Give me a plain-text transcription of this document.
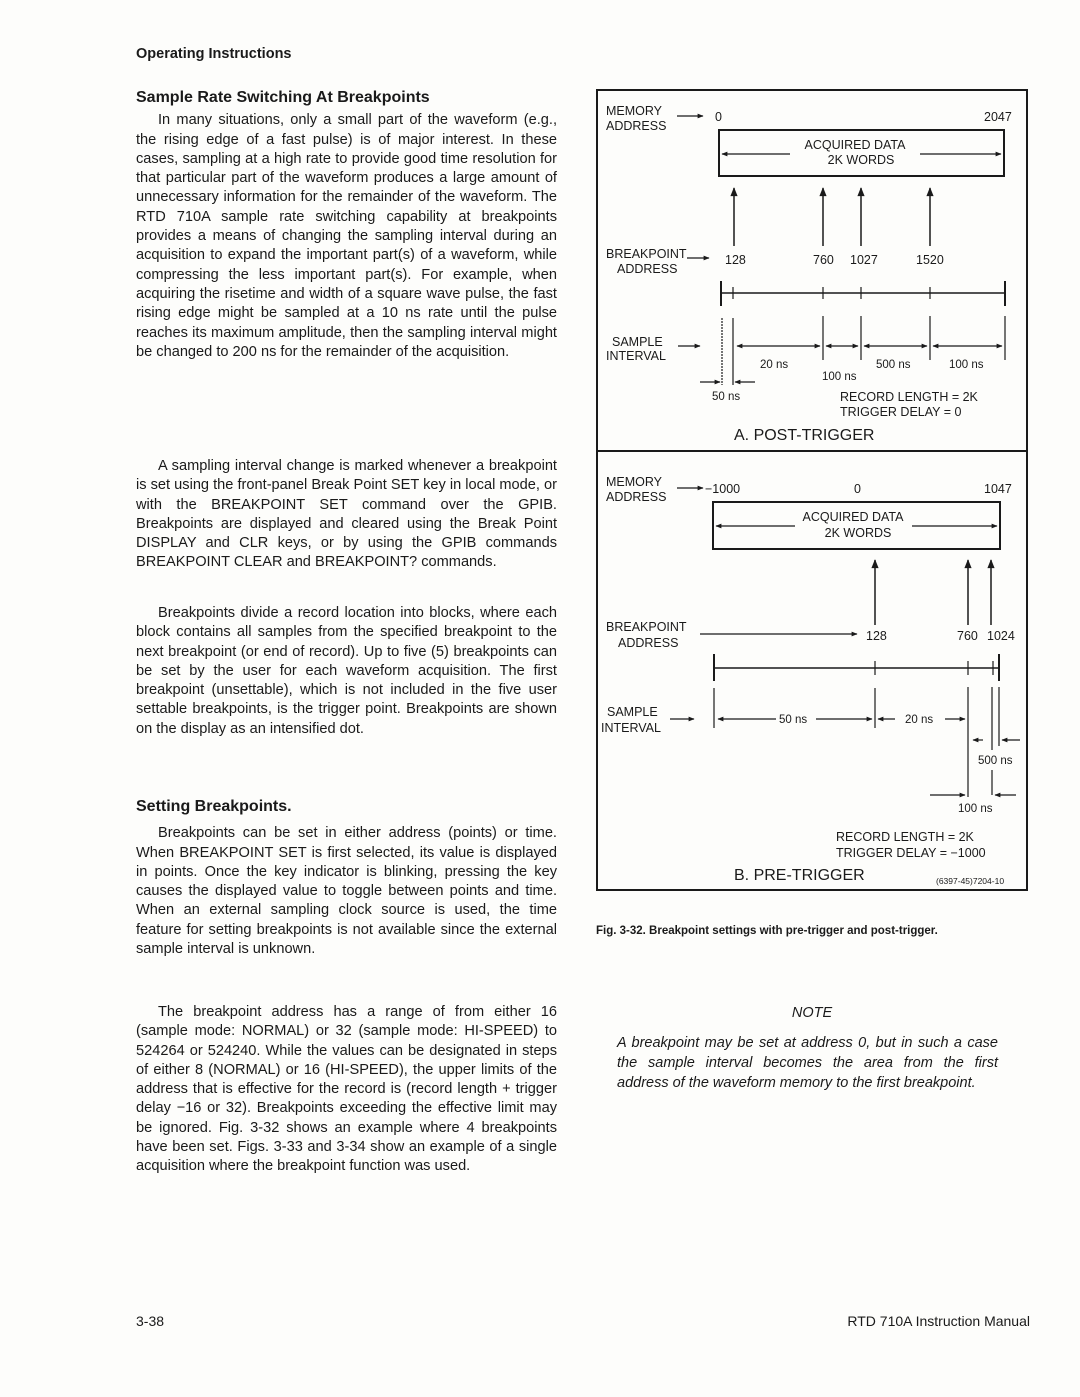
Operating Instructions
Sample Rate Switching At Breakpoints

In many situations, only a small part of the waveform (e.g., the rising edge of a fast pulse) is of major interest. In these cases, sampling at a high rate to provide good time resolution for that particular part of the waveform produces a large amount of unnecessary information for the remainder of the waveform. The RTD 710A sample rate switching capability at breakpoints provides a means of changing the sampling interval during an acquisition to expand the important part(s) of a waveform, while compressing the less important part(s). For example, when acquiring the risetime and width of a square wave pulse, the fast rising edge might be sampled at a 10 ns rate until the pulse reaches its maximum amplitude, then the sampling interval might be changed to 200 ns for the remainder of the acquisition.

A sampling interval change is marked whenever a breakpoint is set using the front-panel Break Point SET key in local mode, or with the BREAKPOINT SET command over the GPIB. Breakpoints are displayed and cleared using the Break Point DISPLAY and CLR keys, or by using the GPIB commands BREAKPOINT CLEAR and BREAKPOINT? commands.

Breakpoints divide a record location into blocks, where each block contains all samples from the specified breakpoint to the next breakpoint (or end of record). Up to five (5) breakpoints can be set by the user for each waveform acquisition. The first breakpoint (unsettable), which is not included in the five user settable breakpoints, is the trigger point. Breakpoints are shown on the display as an intensified dot.

Setting Breakpoints.

Breakpoints can be set in either address (points) or time. When BREAKPOINT SET is first selected, its value is displayed in points. Once the key indicator is blinking, pressing the key causes the displayed value to toggle between points and time. When an external sampling clock source is used, the time feature for setting breakpoints is not available since the external sample interval is unknown.

The breakpoint address has a range of from either 16 (sample mode: NORMAL) or 32 (sample mode: HI-SPEED) to 524264 or 524240. While the values can be designated in steps of either 8 (NORMAL) or 16 (HI-SPEED), the upper limits of the address that is effective for the record is (record length + trigger delay −16 or 32). Breakpoints exceeding the effective limit may be ignored. Fig. 3-32 shows an example where 4 breakpoints have been set. Figs. 3-33 and 3-34 show an example of a single acquisition where the breakpoint function was used.

MEMORY
ADDRESS
0	2047
ACQUIRED DATA
2K WORDS
BREAKPOINT
ADDRESS
128	760 1027	1520
SAMPLE
INTERVAL
50 ns
20 ns
100 ns
500 ns	100 ns
RECORD LENGTH = 2K
TRIGGER DELAY = 0
A. POST-TRIGGER
MEMORY
ADDRESS
−1000	0	1047
ACQUIRED DATA
2K WORDS
BREAKPOINT
ADDRESS	128	760 1024
SAMPLE
INTERVAL
50 ns	20 ns
500 ns
100 ns
RECORD LENGTH = 2K
TRIGGER DELAY = −1000
B. PRE-TRIGGER	(6397-45)7204-10
Fig. 3-32. Breakpoint settings with pre-trigger and post-trigger.
NOTE
A breakpoint may be set at address 0, but in such a case the sample interval becomes the area from the first address of the waveform memory to the first breakpoint.
3-38	RTD 710A Instruction Manual
